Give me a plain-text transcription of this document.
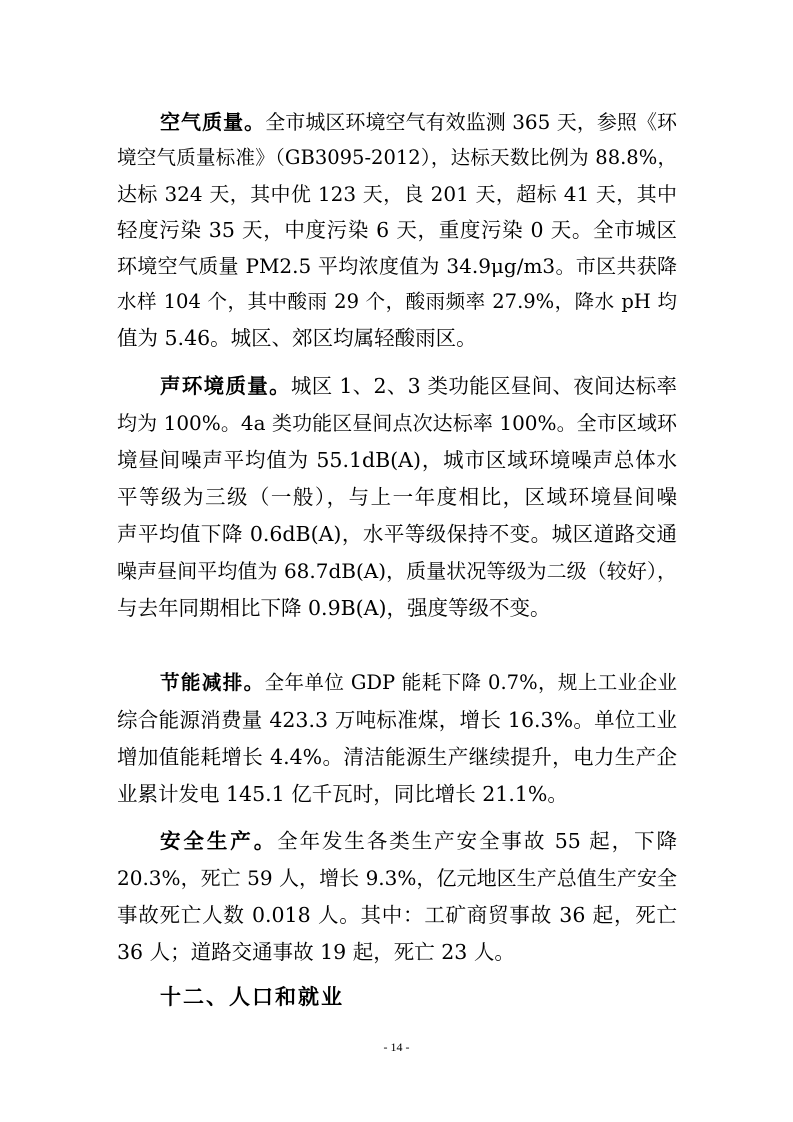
空气质量。全市城区环境空气有效监测 365 天，参照《环
境空气质量标准》（GB3095-2012），达标天数比例为 88.8%，
达标 324 天，其中优 123 天，良 201 天，超标 41 天，其中
轻度污染 35 天，中度污染 6 天，重度污染 0 天。全市城区
环境空气质量 PM2.5 平均浓度值为 34.9μg/m3。市区共获降
水样 104 个，其中酸雨 29 个，酸雨频率 27.9%，降水 pH 均
值为 5.46。城区、郊区均属轻酸雨区。
声环境质量。城区 1、2、3 类功能区昼间、夜间达标率
均为 100%。4a 类功能区昼间点次达标率 100%。全市区域环
境昼间噪声平均值为 55.1dB(A)，城市区域环境噪声总体水
平等级为三级（一般），与上一年度相比，区域环境昼间噪
声平均值下降 0.6dB(A)，水平等级保持不变。城区道路交通
噪声昼间平均值为 68.7dB(A)，质量状况等级为二级（较好），
与去年同期相比下降 0.9B(A)，强度等级不变。
节能减排。全年单位 GDP 能耗下降 0.7%，规上工业企业
综合能源消费量 423.3 万吨标准煤，增长 16.3%。单位工业
增加值能耗增长 4.4%。清洁能源生产继续提升，电力生产企
业累计发电 145.1 亿千瓦时，同比增长 21.1%。
安全生产。全年发生各类生产安全事故 55 起，下降
20.3%，死亡 59 人，增长 9.3%，亿元地区生产总值生产安全
事故死亡人数 0.018 人。其中：工矿商贸事故 36 起，死亡
36 人；道路交通事故 19 起，死亡 23 人。
十二、人口和就业
- 14 -
